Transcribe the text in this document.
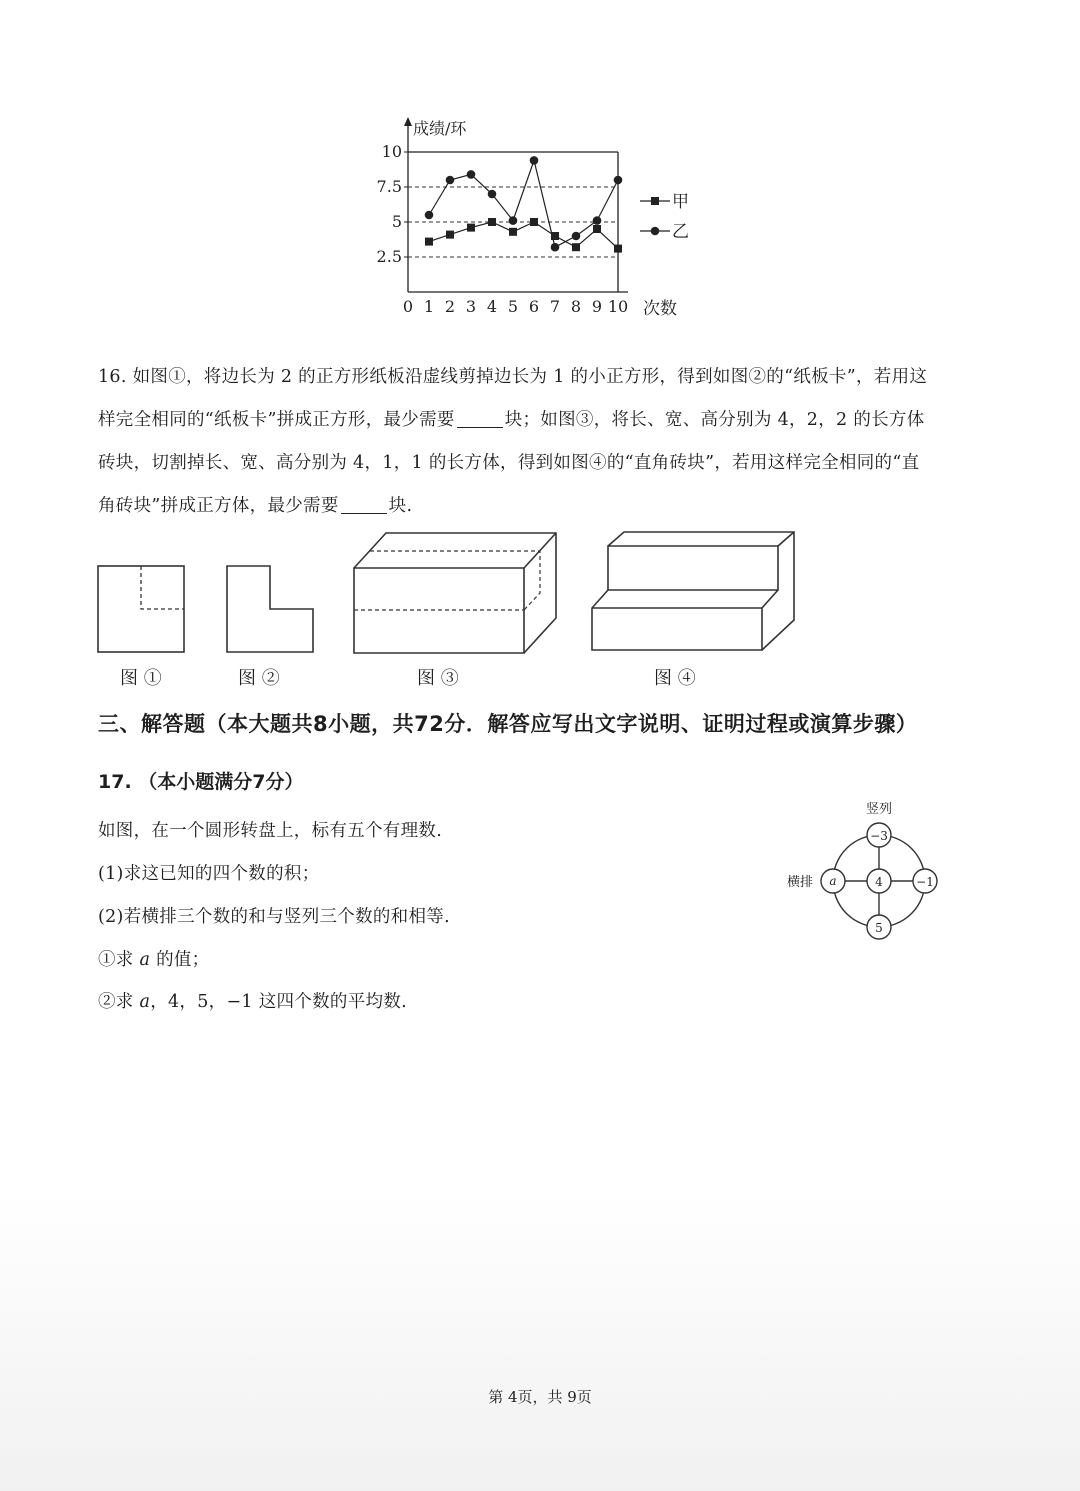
2.5
5
7.5
10
0 1 2 3 4 5 6 7 8 9 10
成绩/环
次数
甲
乙

16. 如图①，将边长为 2 的正方形纸板沿虚线剪掉边长为 1 的小正方形，得到如图②的“纸板卡”，若用这

样完全相同的“纸板卡”拼成正方形，最少需要	块；如图③，将长、宽、高分别为 4，2，2 的长方体

砖块，切割掉长、宽、高分别为 4，1，1 的长方体，得到如图④的“直角砖块”，若用这样完全相同的“直

角砖块”拼成正方体，最少需要	块.

图 ①	图 ②	图 ③	图 ④
三、解答题（本大题共8小题，共72分．解答应写出文字说明、证明过程或演算步骤）
17. （本小题满分7分）
如图，在一个圆形转盘上，标有五个有理数.
(1)求这已知的四个数的积；
(2)若横排三个数的和与竖列三个数的和相等.
①求 a 的值；
②求 a，4，5，−1 这四个数的平均数.
−3
a	4	−1
5
竖列
横排
第 4页，共 9页
